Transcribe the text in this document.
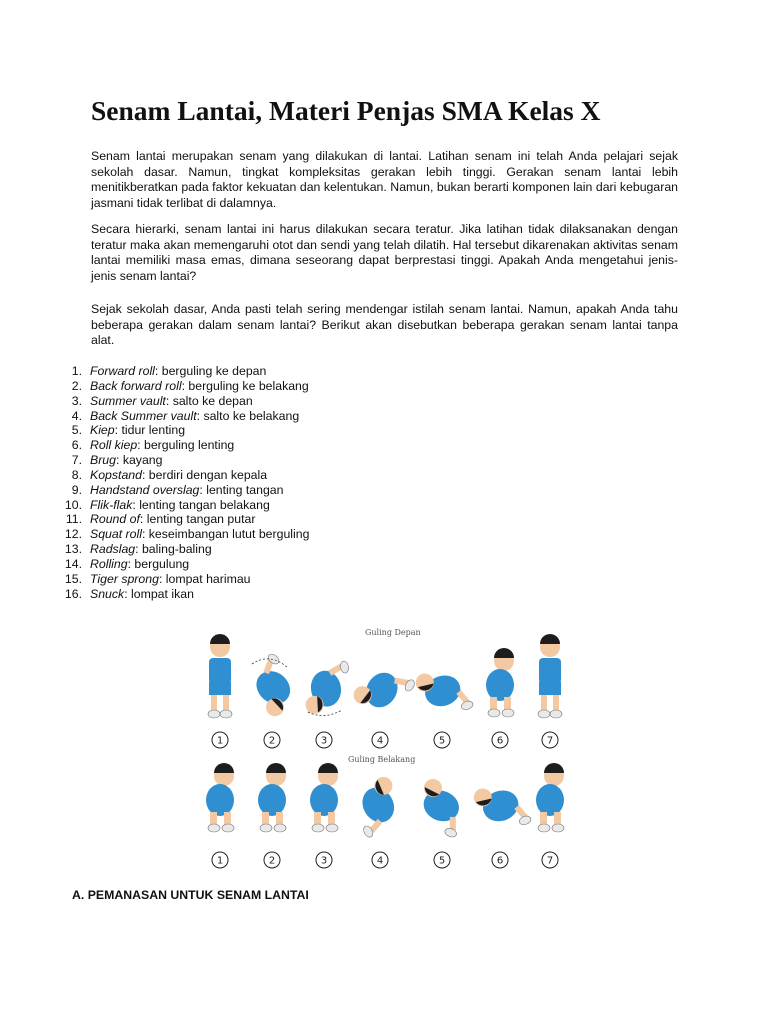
Senam Lantai, Materi Penjas SMA Kelas X

Senam lantai merupakan senam yang dilakukan di lantai. Latihan senam ini telah Anda pelajari sejak sekolah dasar. Namun, tingkat kompleksitas gerakan lebih tinggi. Gerakan senam lantai lebih menitikberatkan pada faktor kekuatan dan kelentukan. Namun, bukan berarti komponen lain dari kebugaran jasmani tidak terlibat di dalamnya.

Secara hierarki, senam lantai ini harus dilakukan secara teratur. Jika latihan tidak dilaksanakan dengan teratur maka akan memengaruhi otot dan sendi yang telah dilatih. Hal tersebut dikarenakan aktivitas senam lantai memiliki masa emas, dimana seseorang dapat berprestasi tinggi. Apakah Anda mengetahui jenis-jenis senam lantai?

Sejak sekolah dasar, Anda pasti telah sering mendengar istilah senam lantai. Namun, apakah Anda tahu beberapa gerakan dalam senam lantai? Berikut akan disebutkan beberapa gerakan senam lantai tanpa alat.

1. Forward roll: berguling ke depan
2. Back forward roll: berguling ke belakang
3. Summer vault: salto ke depan
4. Back Summer vault: salto ke belakang
5. Kiep: tidur lenting
6. Roll kiep: berguling lenting
7. Brug: kayang
8. Kopstand: berdiri dengan kepala
9. Handstand overslag: lenting tangan
10. Flik-flak: lenting tangan belakang
11. Round of: lenting tangan putar
12. Squat roll: keseimbangan lutut berguling
13. Radslag: baling-baling
14. Rolling: bergulung
15. Tiger sprong: lompat harimau
16. Snuck: lompat ikan
Guling Depan
Guling Belakang
1	2	3	4	5	6	7
1	2	3	4	5	6	7

A. PEMANASAN UNTUK SENAM LANTAI
